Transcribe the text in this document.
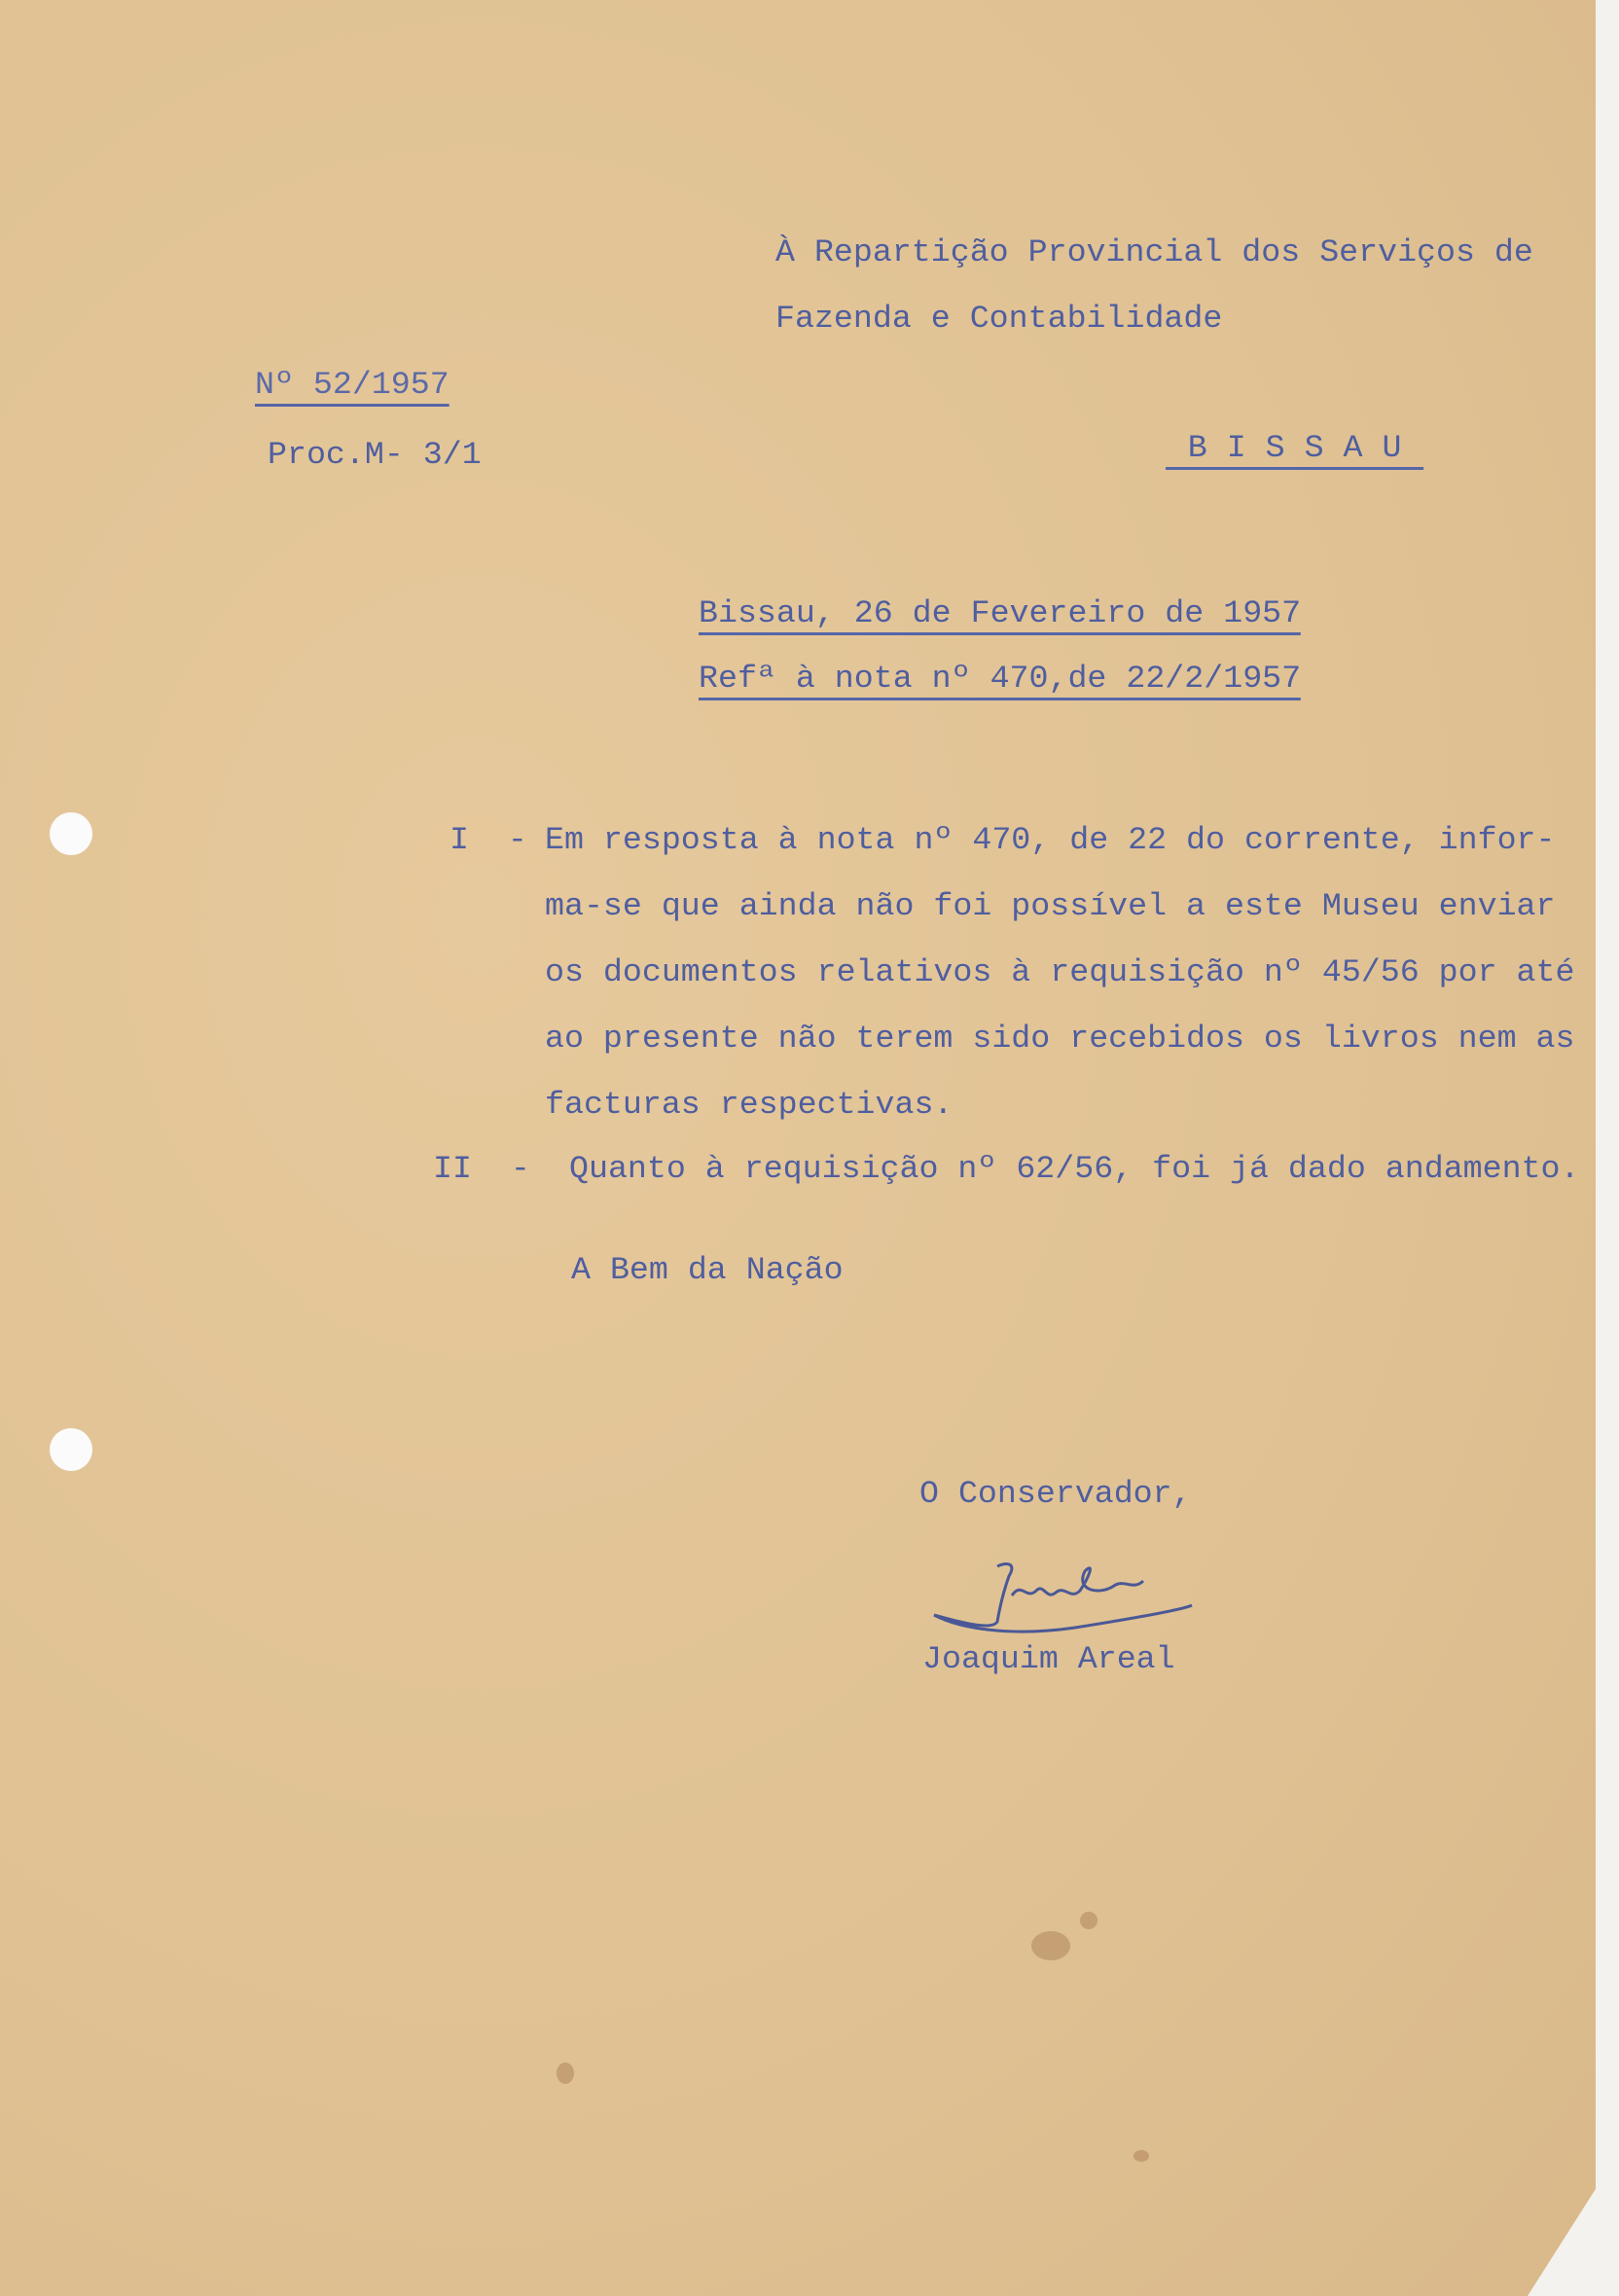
À Repartição Provincial dos Serviços de
Fazenda e Contabilidade
B I S S A U
Nº 52/1957
Proc.M- 3/1
Bissau, 26 de Fevereiro de 1957
Refª à nota nº 470,de 22/2/1957
I  - Em resposta à nota nº 470, de 22 do corrente, infor-
ma-se que ainda não foi possível a este Museu enviar
os documentos relativos à requisição nº 45/56 por até
ao presente não terem sido recebidos os livros nem as
facturas respectivas.
II  - Quanto à requisição nº 62/56, foi já dado andamento.
A Bem da Nação
O Conservador,
Joaquim Areal
